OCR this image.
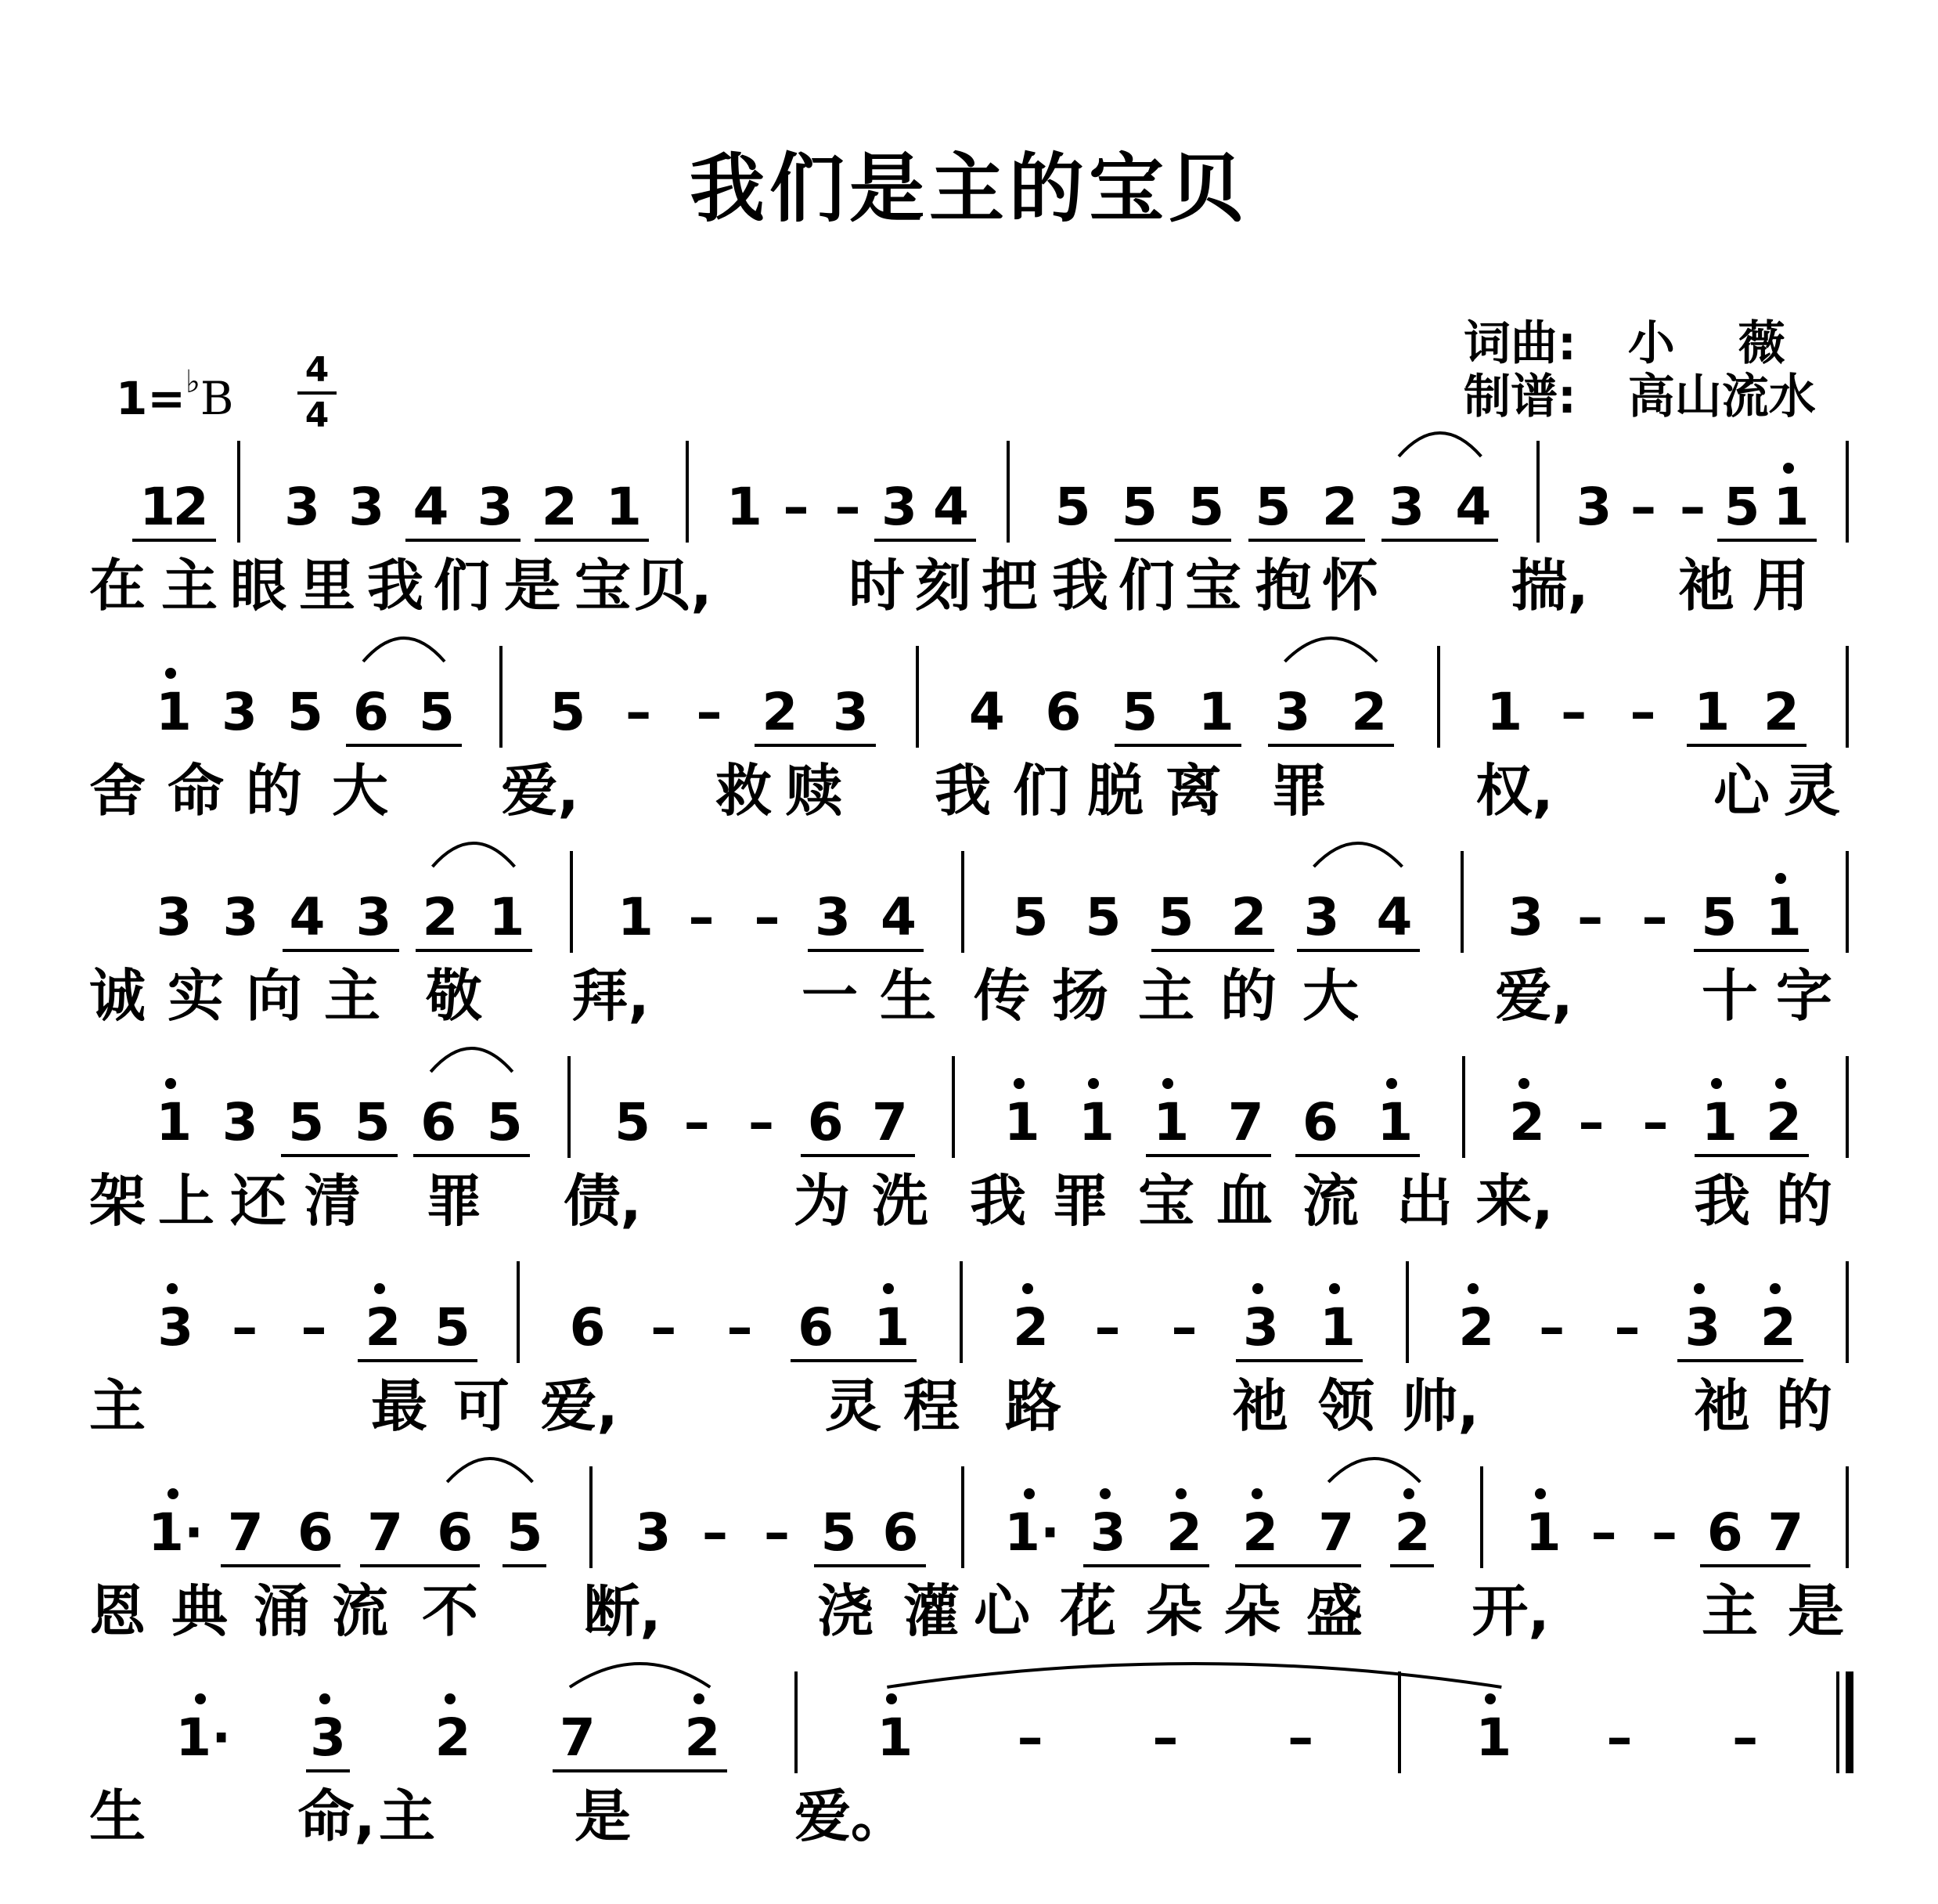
我们是主的宝贝
词曲: 小　 薇
制谱: 高山流水
1=♭B
4
4
1
2 3 3 4 3 2 1 1 – – 3 4 5 5 5 5 2 3 4 3 – – 5 1
在 主 眼 里 我 们 是 宝 贝, 时 刻 把 我 们 宝 抱 怀 揣, 祂 用
1 3 5 6 5 5 – – 2 3 4 6 5 1 3 2 1 – – 1 2
舍 命 的 大 爱, 救 赎 我 们 脱 离 罪	权,	心 灵
3 3 4 3 2 1 1 – – 3 4 5 5 5 2 3 4 3 – – 5 1
诚 实 向 主 敬 拜,	一 生 传 扬 主 的 大 爱, 十 字
1 3 5 5 6 5 5 – – 6 7 1 1 1 7 6 1 2 – – 1 2
架 上 还 清 罪 债,	为 洗 我 罪 宝 血 流 出 来, 我 的
3 – – 2 5 6 – – 6 1 2 – – 3 1 2 – – 3 2
主	最 可 爱,	灵 程 路	祂 领 帅,	祂 的
1· 7 6 7 6 5 3 – – 5 6 1· 3 2 2 7 2 1 – – 6 7
恩 典 涌 流 不 断,	浇 灌 心 花 朵 朵 盛 开,	主 是
1· 3 2 7 2	1	–	–	–	1	–	–
生	命, 主 是	爱。
